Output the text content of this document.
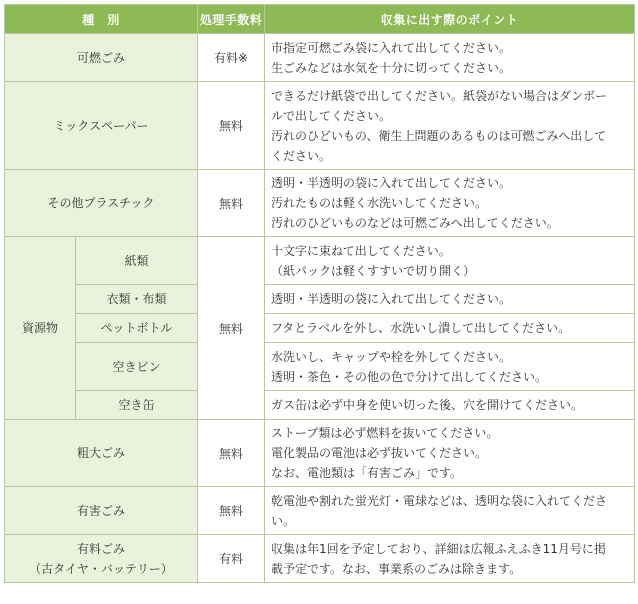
種　別		処理手数料	収集に出す際のポイント
可燃ごみ		有料※	市指定可燃ごみ袋に入れて出してください。
生ごみなどは水気を十分に切ってください。

ミックスペーパー		無料	できるだけ紙袋で出してください。紙袋がない場合はダンボー
ルで出してください。
汚れのひどいもの、衛生上問題のあるものは可燃ごみへ出して
ください。

その他プラスチック		無料	透明・半透明の袋に入れて出してください。
汚れたものは軽く水洗いしてください。
汚れのひどいものなどは可燃ごみへ出してください。

資源物	紙類	無料	十文字に束ねて出してください。
（紙パックは軽くすすいで切り開く）

	衣類・布類		透明・半透明の袋に入れて出してください。

	ペットボトル		フタとラベルを外し、水洗いし潰して出してください。

	空きビン		水洗いし、キャップや栓を外してください。
透明・茶色・その他の色で分けて出してください。

	空き缶		ガス缶は必ず中身を使い切った後、穴を開けてください。

粗大ごみ		無料	ストーブ類は必ず燃料を抜いてください。
電化製品の電池は必ず抜いてください。
なお、電池類は「有害ごみ」です。

有害ごみ		無料	乾電池や割れた蛍光灯・電球などは、透明な袋に入れてくださ
い。

有料ごみ
（古タイヤ・バッテリー）		有料	収集は年1回を予定しており、詳細は広報ふえふき11月号に掲
載予定です。なお、事業系のごみは除きます。
